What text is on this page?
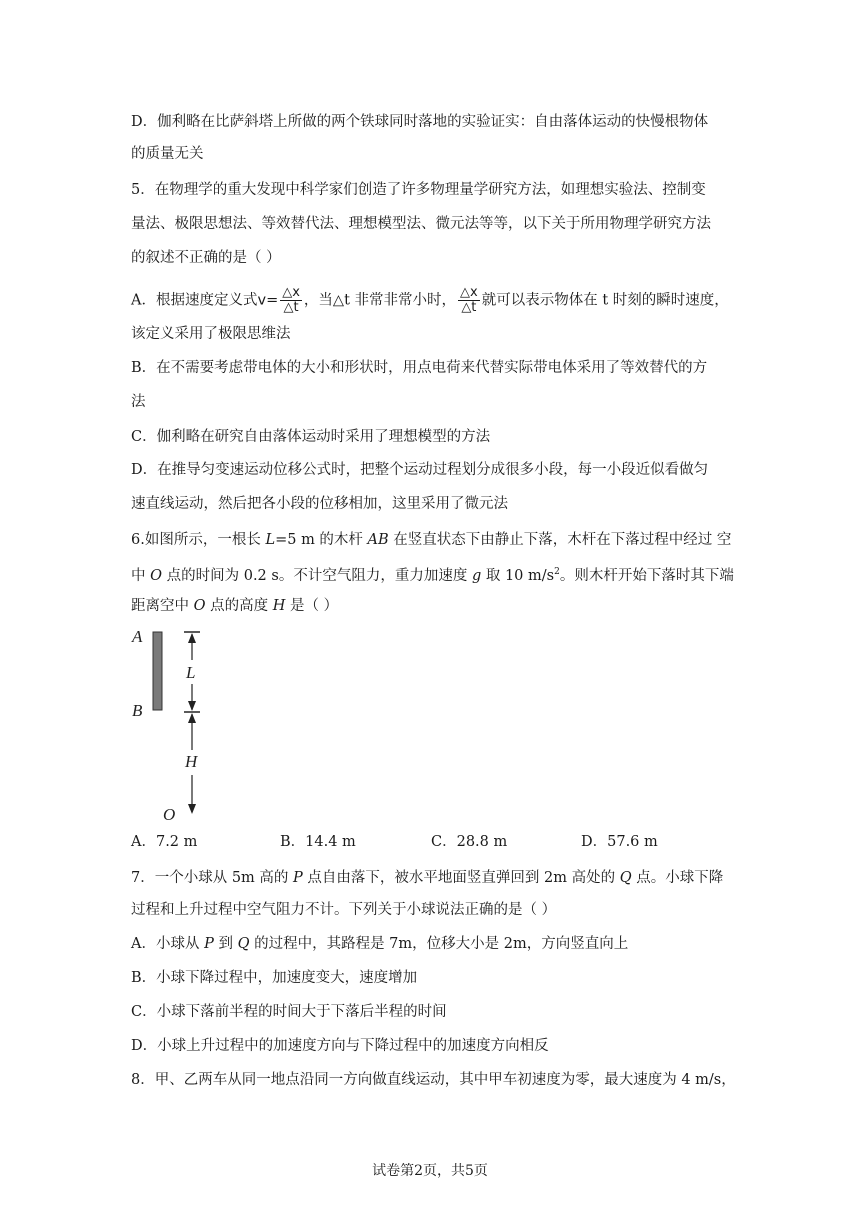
D．伽利略在比萨斜塔上所做的两个铁球同时落地的实验证实：自由落体运动的快慢根物体
的质量无关
5．在物理学的重大发现中科学家们创造了许多物理量学研究方法，如理想实验法、控制变
量法、极限思想法、等效替代法、理想模型法、微元法等等，以下关于所用物理学研究方法
的叙述不正确的是（ ）
A．根据速度定义式$v= \frac{\triangle x}{\triangle t}$ ，当△t 非常非常小时， $\frac{\triangle x}{\triangle t}$ 就可以表示物体在 t 时刻的瞬时速度，
该定义采用了极限思维法
B．在不需要考虑带电体的大小和形状时，用点电荷来代替实际带电体采用了等效替代的方
法
C．伽利略在研究自由落体运动时采用了理想模型的方法
D．在推导匀变速运动位移公式时，把整个运动过程划分成很多小段，每一小段近似看做匀
速直线运动，然后把各小段的位移相加，这里采用了微元法
6.如图所示，一根长 L=5 m 的木杆 AB 在竖直状态下由静止下落，木杆在下落过程中经过 空
中 O 点的时间为 0.2 s。不计空气阻力，重力加速度 g 取 10 $m/s^2$。则木杆开始下落时其下端
距离空中 O 点的高度 H 是（ ）
A
B
L
H
O
A．7.2 m	B．14.4 m	C．28.8 m	D．57.6 m
7．一个小球从 5m 高的 P 点自由落下，被水平地面竖直弹回到 2m 高处的 Q 点。小球下降
过程和上升过程中空气阻力不计。下列关于小球说法正确的是（ ）
A．小球从 P 到 Q 的过程中，其路程是 7m，位移大小是 2m，方向竖直向上
B．小球下降过程中，加速度变大，速度增加
C．小球下落前半程的时间大于下落后半程的时间
D．小球上升过程中的加速度方向与下降过程中的加速度方向相反
8．甲、乙两车从同一地点沿同一方向做直线运动，其中甲车初速度为零，最大速度为 4 m/s，
试卷第2页，共5页
